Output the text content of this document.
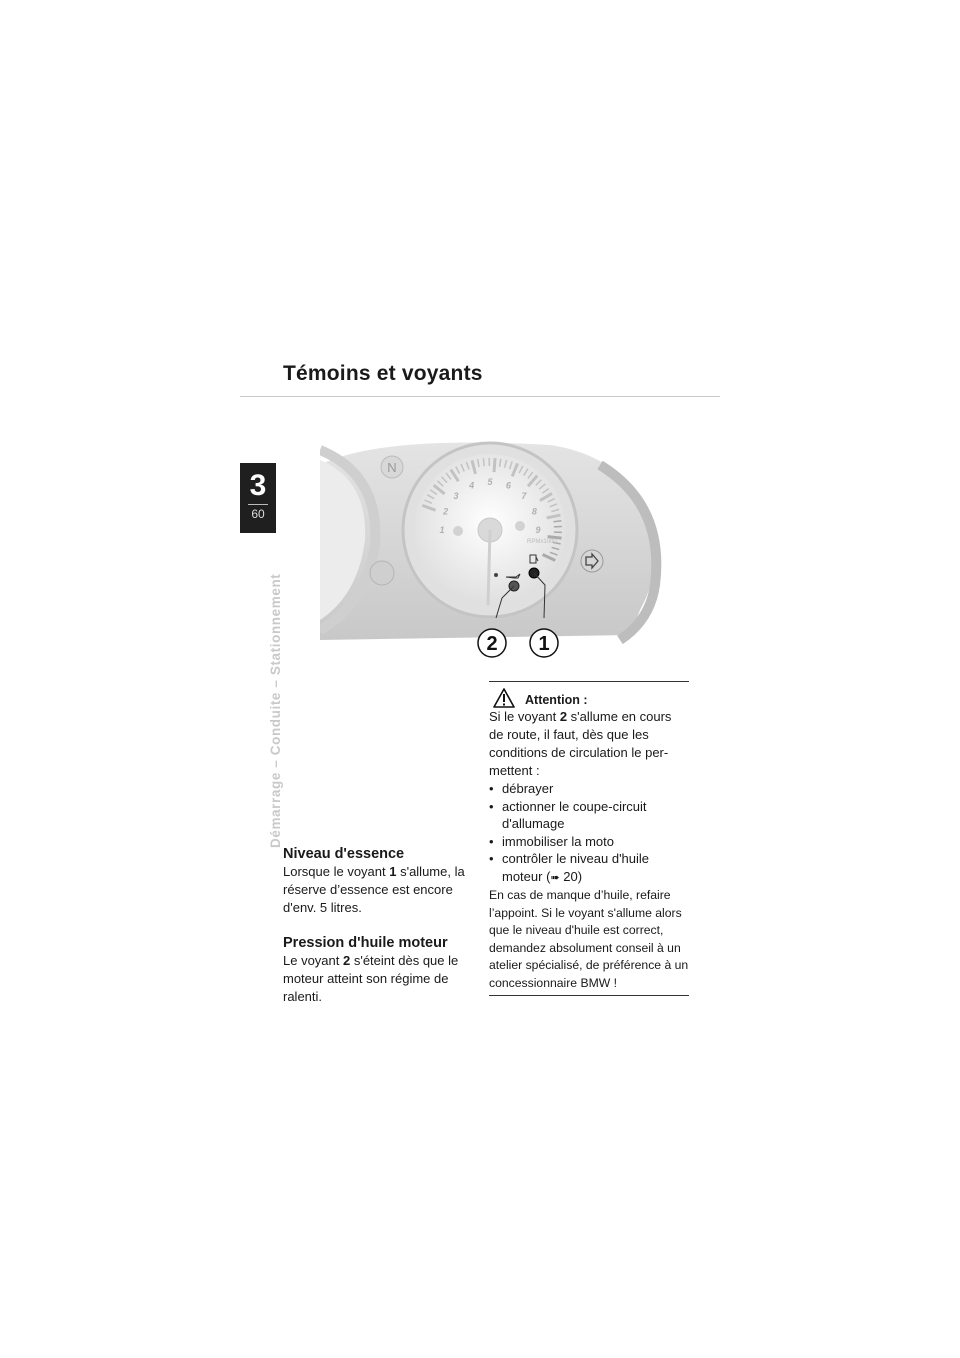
Témoins et voyants
3
60
Démarrage – Conduite – Stationnement
N
1
2
3
4 5 6
7
8
9
RPMx1000
2 1
Attention :
Si le voyant 2 s'allume en cours de route, il faut, dès que les conditions de circulation le per-mettent :
• débrayer
• actionner le coupe-circuit d'allumage
• immobiliser la moto
• contrôler le niveau d'huile moteur (➠ 20)
En cas de manque d’huile, refaire l’appoint. Si le voyant s'allume alors que le niveau d'huile est correct, demandez absolument conseil à un atelier spécialisé, de préférence à un concessionnaire BMW !
Niveau d'essence
Lorsque le voyant 1 s'allume, la réserve d’essence est encore d'env. 5 litres.
Pression d'huile moteur
Le voyant 2 s'éteint dès que le moteur atteint son régime de ralenti.
